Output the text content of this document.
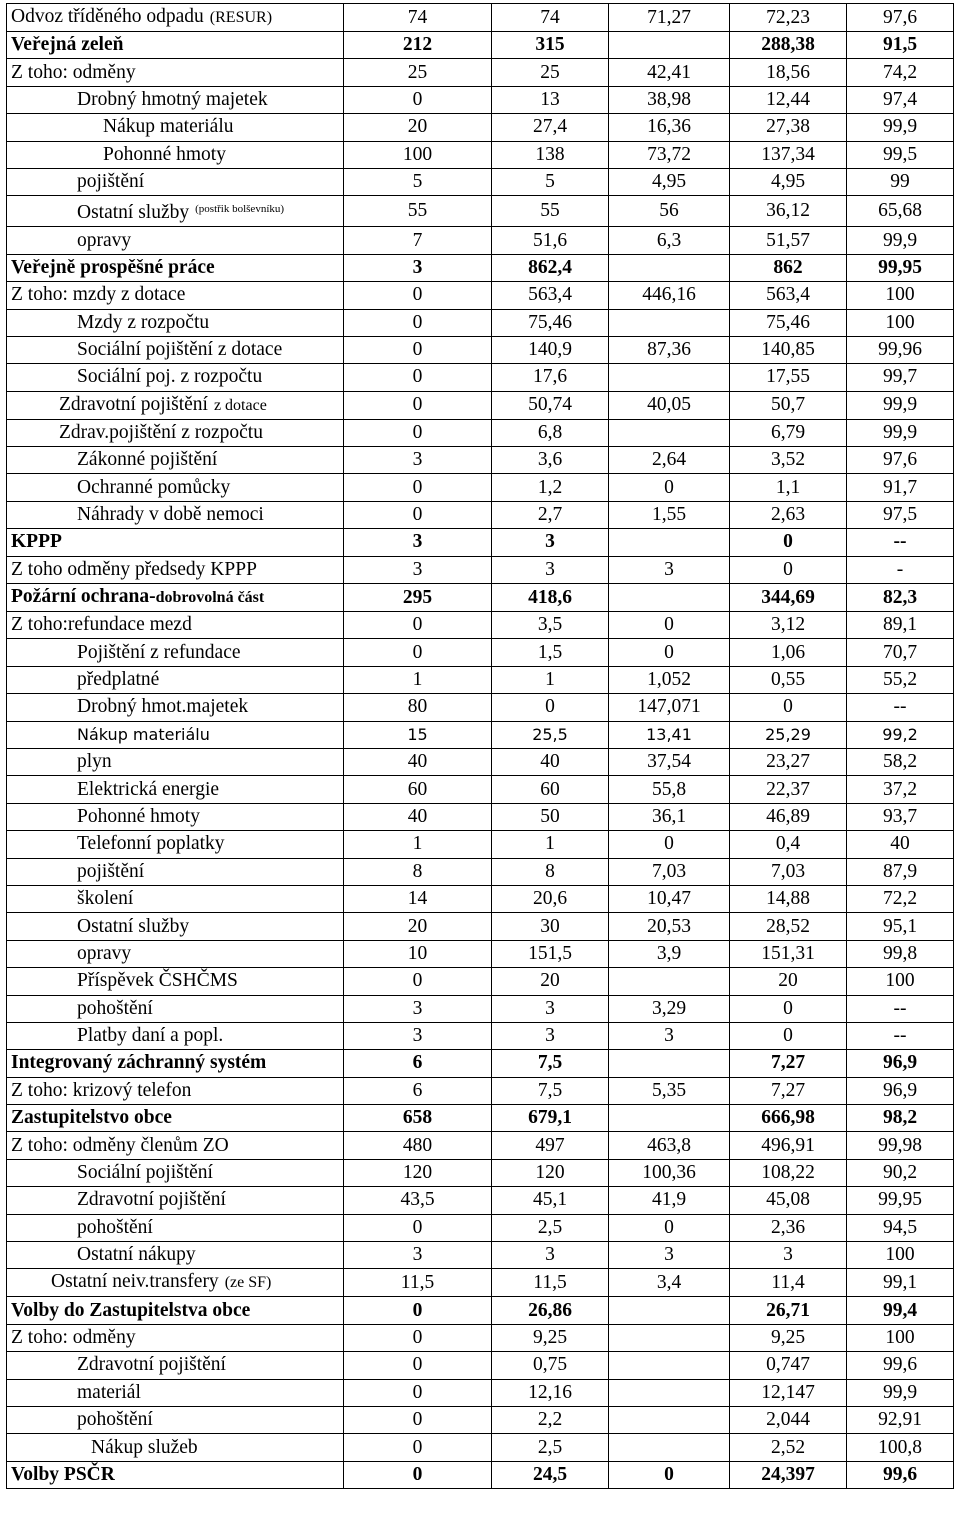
Odvoz tříděného odpadu (RESUR)	74	74	71,27	72,23	97,6
Veřejná zeleň	212	315		288,38	91,5
Z toho: odměny	25	25	42,41	18,56	74,2
Drobný hmotný majetek	0	13	38,98	12,44	97,4
Nákup materiálu	20	27,4	16,36	27,38	99,9
Pohonné hmoty	100	138	73,72	137,34	99,5
pojištění	5	5	4,95	4,95	99
Ostatní služby $^{(postřik bolševníku)}$	55	55	56	36,12	65,68
opravy	7	51,6	6,3	51,57	99,9
Veřejně prospěšné práce	3	862,4		862	99,95
Z toho: mzdy z dotace	0	563,4	446,16	563,4	100
Mzdy z rozpočtu	0	75,46		75,46	100
Sociální pojištění z dotace	0	140,9	87,36	140,85	99,96
Sociální poj. z rozpočtu	0	17,6		17,55	99,7
Zdravotní pojištění z dotace	0	50,74	40,05	50,7	99,9
Zdrav.pojištění z rozpočtu	0	6,8		6,79	99,9
Zákonné pojištění	3	3,6	2,64	3,52	97,6
Ochranné pomůcky	0	1,2	0	1,1	91,7
Náhrady v době nemoci	0	2,7	1,55	2,63	97,5
KPPP	3	3		0	--
Z toho odměny předsedy KPPP	3	3	3	0	-
Požární ochrana-dobrovolná část	295	418,6		344,69	82,3
Z toho:refundace mezd	0	3,5	0	3,12	89,1
Pojištění z refundace	0	1,5	0	1,06	70,7
předplatné	1	1	1,052	0,55	55,2
Drobný hmot.majetek	80	0	147,071	0	--
Nákup materiálu	15	25,5	13,41	25,29	99,2
plyn	40	40	37,54	23,27	58,2
Elektrická energie	60	60	55,8	22,37	37,2
Pohonné hmoty	40	50	36,1	46,89	93,7
Telefonní poplatky	1	1	0	0,4	40
pojištění	8	8	7,03	7,03	87,9
školení	14	20,6	10,47	14,88	72,2
Ostatní služby	20	30	20,53	28,52	95,1
opravy	10	151,5	3,9	151,31	99,8
Příspěvek ČSHČMS	0	20		20	100
pohoštění	3	3	3,29	0	--
Platby daní a popl.	3	3	3	0	--
Integrovaný záchranný systém	6	7,5		7,27	96,9
Z toho: krizový telefon	6	7,5	5,35	7,27	96,9
Zastupitelstvo obce	658	679,1		666,98	98,2
Z toho: odměny členům ZO	480	497	463,8	496,91	99,98
Sociální pojištění	120	120	100,36	108,22	90,2
Zdravotní pojištění	43,5	45,1	41,9	45,08	99,95
pohoštění	0	2,5	0	2,36	94,5
Ostatní nákupy	3	3	3	3	100
Ostatní neiv.transfery (ze SF)	11,5	11,5	3,4	11,4	99,1
Volby do Zastupitelstva obce	0	26,86		26,71	99,4
Z toho: odměny	0	9,25		9,25	100
Zdravotní pojištění	0	0,75		0,747	99,6
materiál	0	12,16		12,147	99,9
pohoštění	0	2,2		2,044	92,91
Nákup služeb	0	2,5		2,52	100,8
Volby PSČR	0	24,5	0	24,397	99,6
